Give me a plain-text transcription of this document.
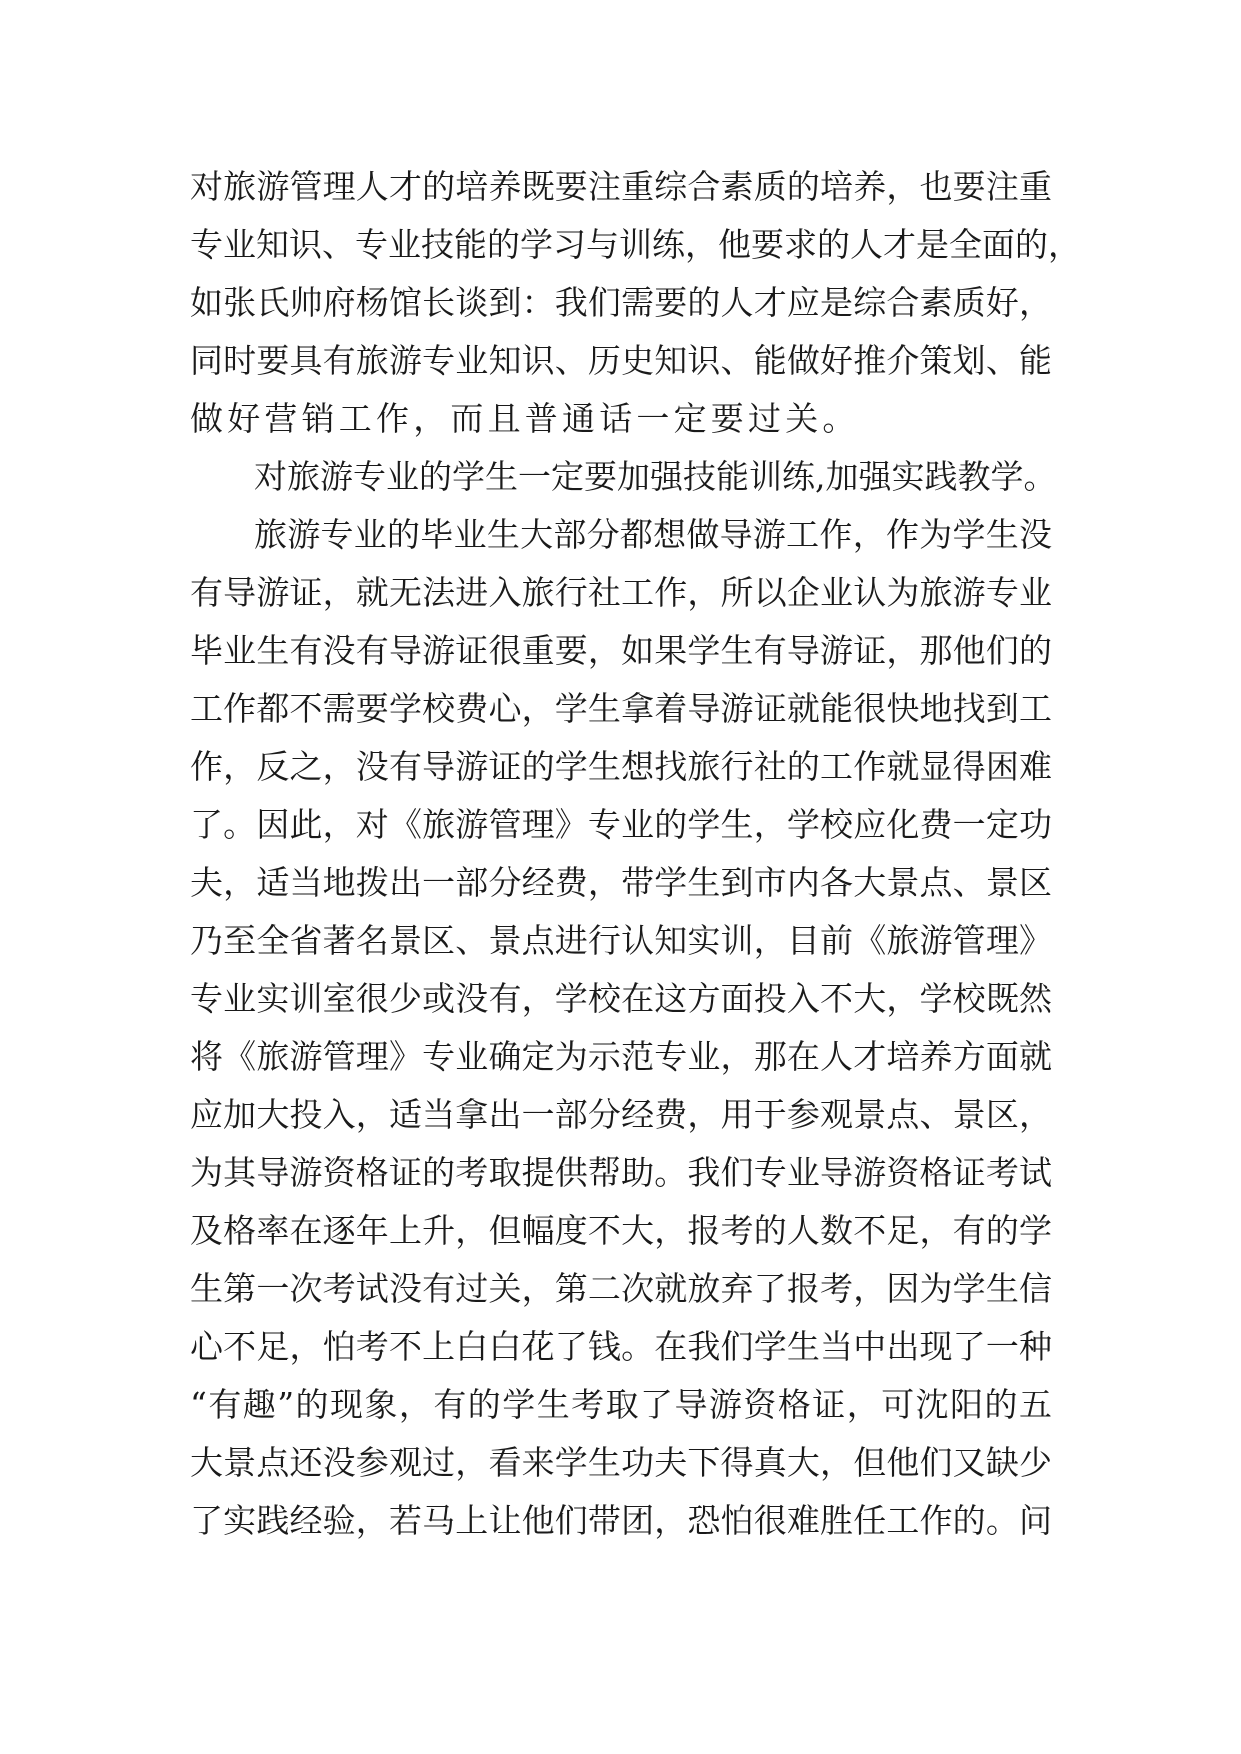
对旅游管理人才的培养既要注重综合素质的培养，也要注重
专业知识、专业技能的学习与训练，他要求的人才是全面的，
如张氏帅府杨馆长谈到：我们需要的人才应是综合素质好，
同时要具有旅游专业知识、历史知识、能做好推介策划、能
做好营销工作，而且普通话一定要过关。
对旅游专业的学生一定要加强技能训练,加强实践教学。
旅游专业的毕业生大部分都想做导游工作，作为学生没
有导游证，就无法进入旅行社工作，所以企业认为旅游专业
毕业生有没有导游证很重要，如果学生有导游证，那他们的
工作都不需要学校费心，学生拿着导游证就能很快地找到工
作，反之，没有导游证的学生想找旅行社的工作就显得困难
了。因此，对《旅游管理》专业的学生，学校应化费一定功
夫，适当地拨出一部分经费，带学生到市内各大景点、景区
乃至全省著名景区、景点进行认知实训，目前《旅游管理》
专业实训室很少或没有，学校在这方面投入不大，学校既然
将《旅游管理》专业确定为示范专业，那在人才培养方面就
应加大投入，适当拿出一部分经费，用于参观景点、景区，
为其导游资格证的考取提供帮助。我们专业导游资格证考试
及格率在逐年上升，但幅度不大，报考的人数不足，有的学
生第一次考试没有过关，第二次就放弃了报考，因为学生信
心不足，怕考不上白白花了钱。在我们学生当中出现了一种
“有趣”的现象，有的学生考取了导游资格证，可沈阳的五
大景点还没参观过，看来学生功夫下得真大，但他们又缺少
了实践经验，若马上让他们带团，恐怕很难胜任工作的。问
